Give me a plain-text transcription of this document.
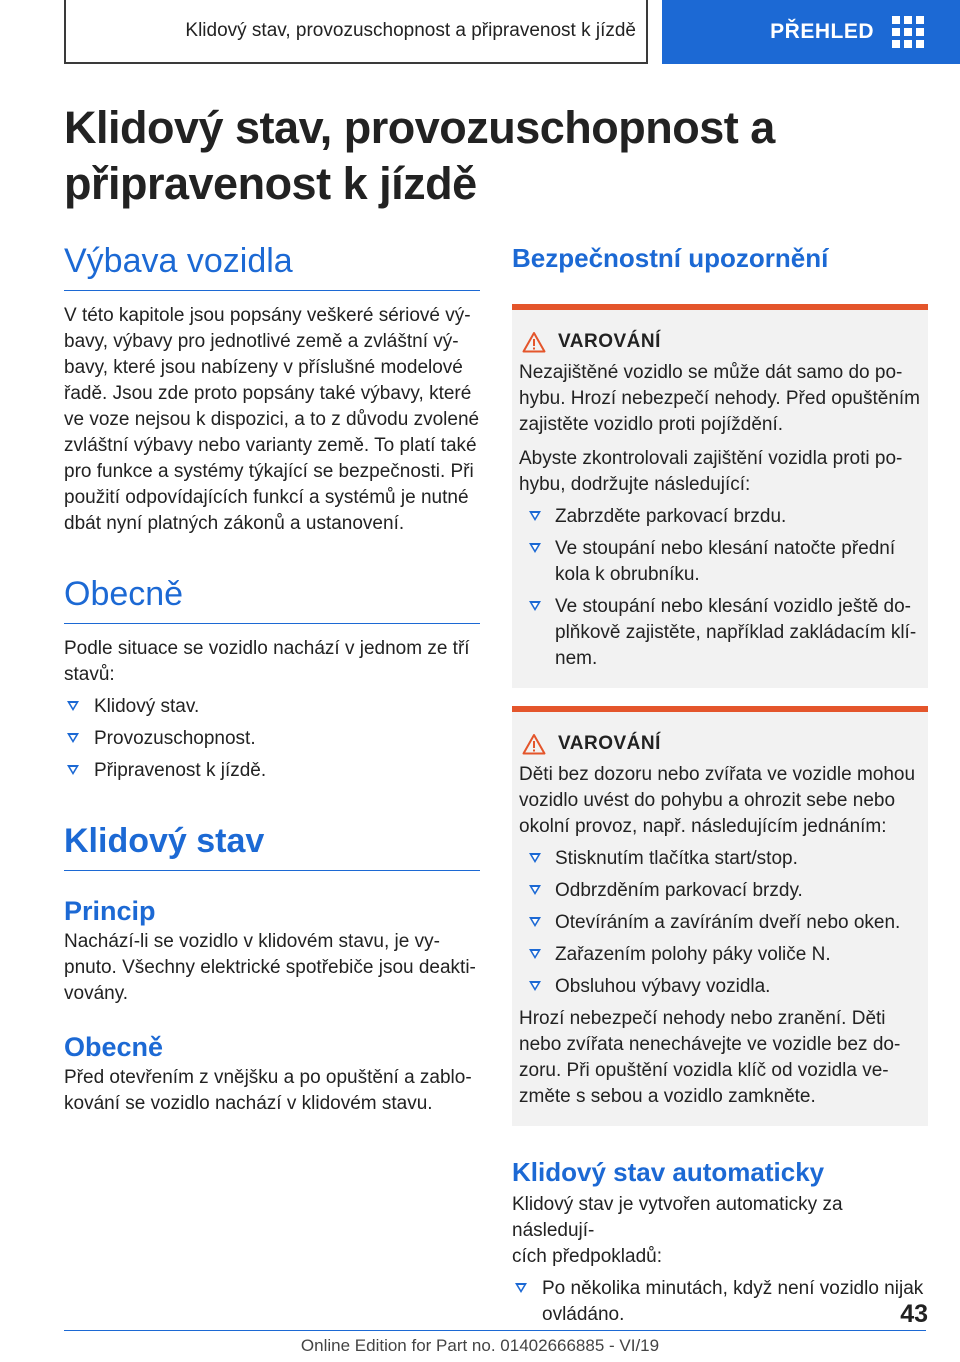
Klidový stav, provozuschopnost a připravenost k jízdě	PŘEHLED
Klidový stav, provozuschopnost a
připravenost k jízdě
Výbava vozidla
V této kapitole jsou popsány veškeré sériové vý-
bavy, výbavy pro jednotlivé země a zvláštní vý-
bavy, které jsou nabízeny v příslušné modelové
řadě. Jsou zde proto popsány také výbavy, které
ve voze nejsou k dispozici, a to z důvodu zvolené
zvláštní výbavy nebo varianty země. To platí také
pro funkce a systémy týkající se bezpečnosti. Při
použití odpovídajících funkcí a systémů je nutné
dbát nyní platných zákonů a ustanovení.
Obecně
Podle situace se vozidlo nachází v jednom ze tří
stavů:
Klidový stav.
Provozuschopnost.
Připravenost k jízdě.
Klidový stav
Princip
Nachází-li se vozidlo v klidovém stavu, je vy-
pnuto. Všechny elektrické spotřebiče jsou deakti-
vovány.
Obecně
Před otevřením z vnějšku a po opuštění a zablo-
kování se vozidlo nachází v klidovém stavu.
Bezpečnostní upozornění
VAROVÁNÍ
Nezajištěné vozidlo se může dát samo do po-
hybu. Hrozí nebezpečí nehody. Před opuštěním
zajistěte vozidlo proti pojíždění.
Abyste zkontrolovali zajištění vozidla proti po-
hybu, dodržujte následující:
Zabrzděte parkovací brzdu.
Ve stoupání nebo klesání natočte přední
kola k obrubníku.
Ve stoupání nebo klesání vozidlo ještě do-
plňkově zajistěte, například zakládacím klí-
nem.
VAROVÁNÍ
Děti bez dozoru nebo zvířata ve vozidle mohou
vozidlo uvést do pohybu a ohrozit sebe nebo
okolní provoz, např. následujícím jednáním:
Stisknutím tlačítka start/stop.
Odbrzděním parkovací brzdy.
Otevíráním a zavíráním dveří nebo oken.
Zařazením polohy páky voliče N.
Obsluhou výbavy vozidla.
Hrozí nebezpečí nehody nebo zranění. Děti
nebo zvířata nenechávejte ve vozidle bez do-
zoru. Při opuštění vozidla klíč od vozidla ve-
změte s sebou a vozidlo zamkněte.
Klidový stav automaticky
Klidový stav je vytvořen automaticky za následují-
cích předpokladů:
Po několika minutách, když není vozidlo nijak
ovládáno.	43
Online Edition for Part no. 01402666885 - VI/19
